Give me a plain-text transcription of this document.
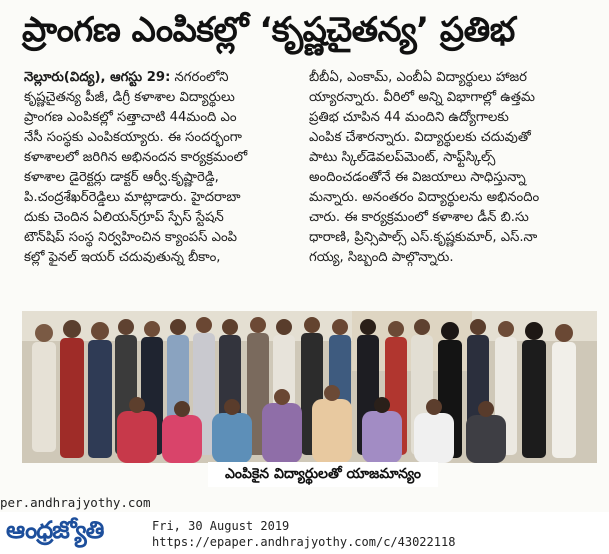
ప్రాంగణ ఎంపికల్లో ‘కృష్ణచైతన్య’ ప్రతిభ
నెల్లూరు(విద్య), ఆగస్టు 29: నగరంలోని
కృష్ణచైతన్య పీజీ, డిగ్రీ కళాశాల విద్యార్థులు
ప్రాంగణ ఎంపికల్లో సత్తాచాటి 44మంది ఎం
నేసీ సంస్థకు ఎంపికయ్యారు. ఈ సందర్భంగా
కళాశాలలో జరిగిన అభినందన కార్యక్రమంలో
కళాశాల డైరెక్టర్లు డాక్టర్ ఆర్వీ.కృష్ణారెడ్డి,
పి.చంద్రశేఖర్‌రెడ్డిలు మాట్లాడారు. హైదరాబా
దుకు చెందిన ఏలియన్‌గ్రూప్ స్పేస్ స్టేషన్
టౌన్‌షిప్ సంస్థ నిర్వహించిన క్యాంపస్ ఎంపి
కల్లో ఫైనల్ ఇయర్ చదువుతున్న బీకాం,
బీబీఏ, ఎంకామ్, ఎంబీఏ విద్యార్థులు హాజర
య్యారన్నారు. వీరిలో అన్ని విభాగాల్లో ఉత్తమ
ప్రతిభ చూపిన 44 మందిని ఉద్యోగాలకు
ఎంపిక చేశారన్నారు. విద్యార్థులకు చదువుతో
పాటు స్కిల్‌డెవలప్‌మెంట్, సాఫ్ట్‌స్కిల్స్
అందించడంతోనే ఈ విజయాలు సాధిస్తున్నా
మన్నారు. అనంతరం విద్యార్థులను అభినందిం
చారు. ఈ కార్యక్రమంలో కళాశాల డీన్ బి.సు
ధారాణి, ప్రిన్సిపాల్స్ ఎస్.కృష్ణకుమార్, ఎస్.నా
గయ్య, సిబ్బంది పాల్గొన్నారు.
ఎంపికైన విద్యార్థులతో యాజమాన్యం
per.andhrajyothy.com
ఆంధ్రజ్యోతి	Fri, 30 August 2019
https://epaper.andhrajyothy.com/c/43022118
